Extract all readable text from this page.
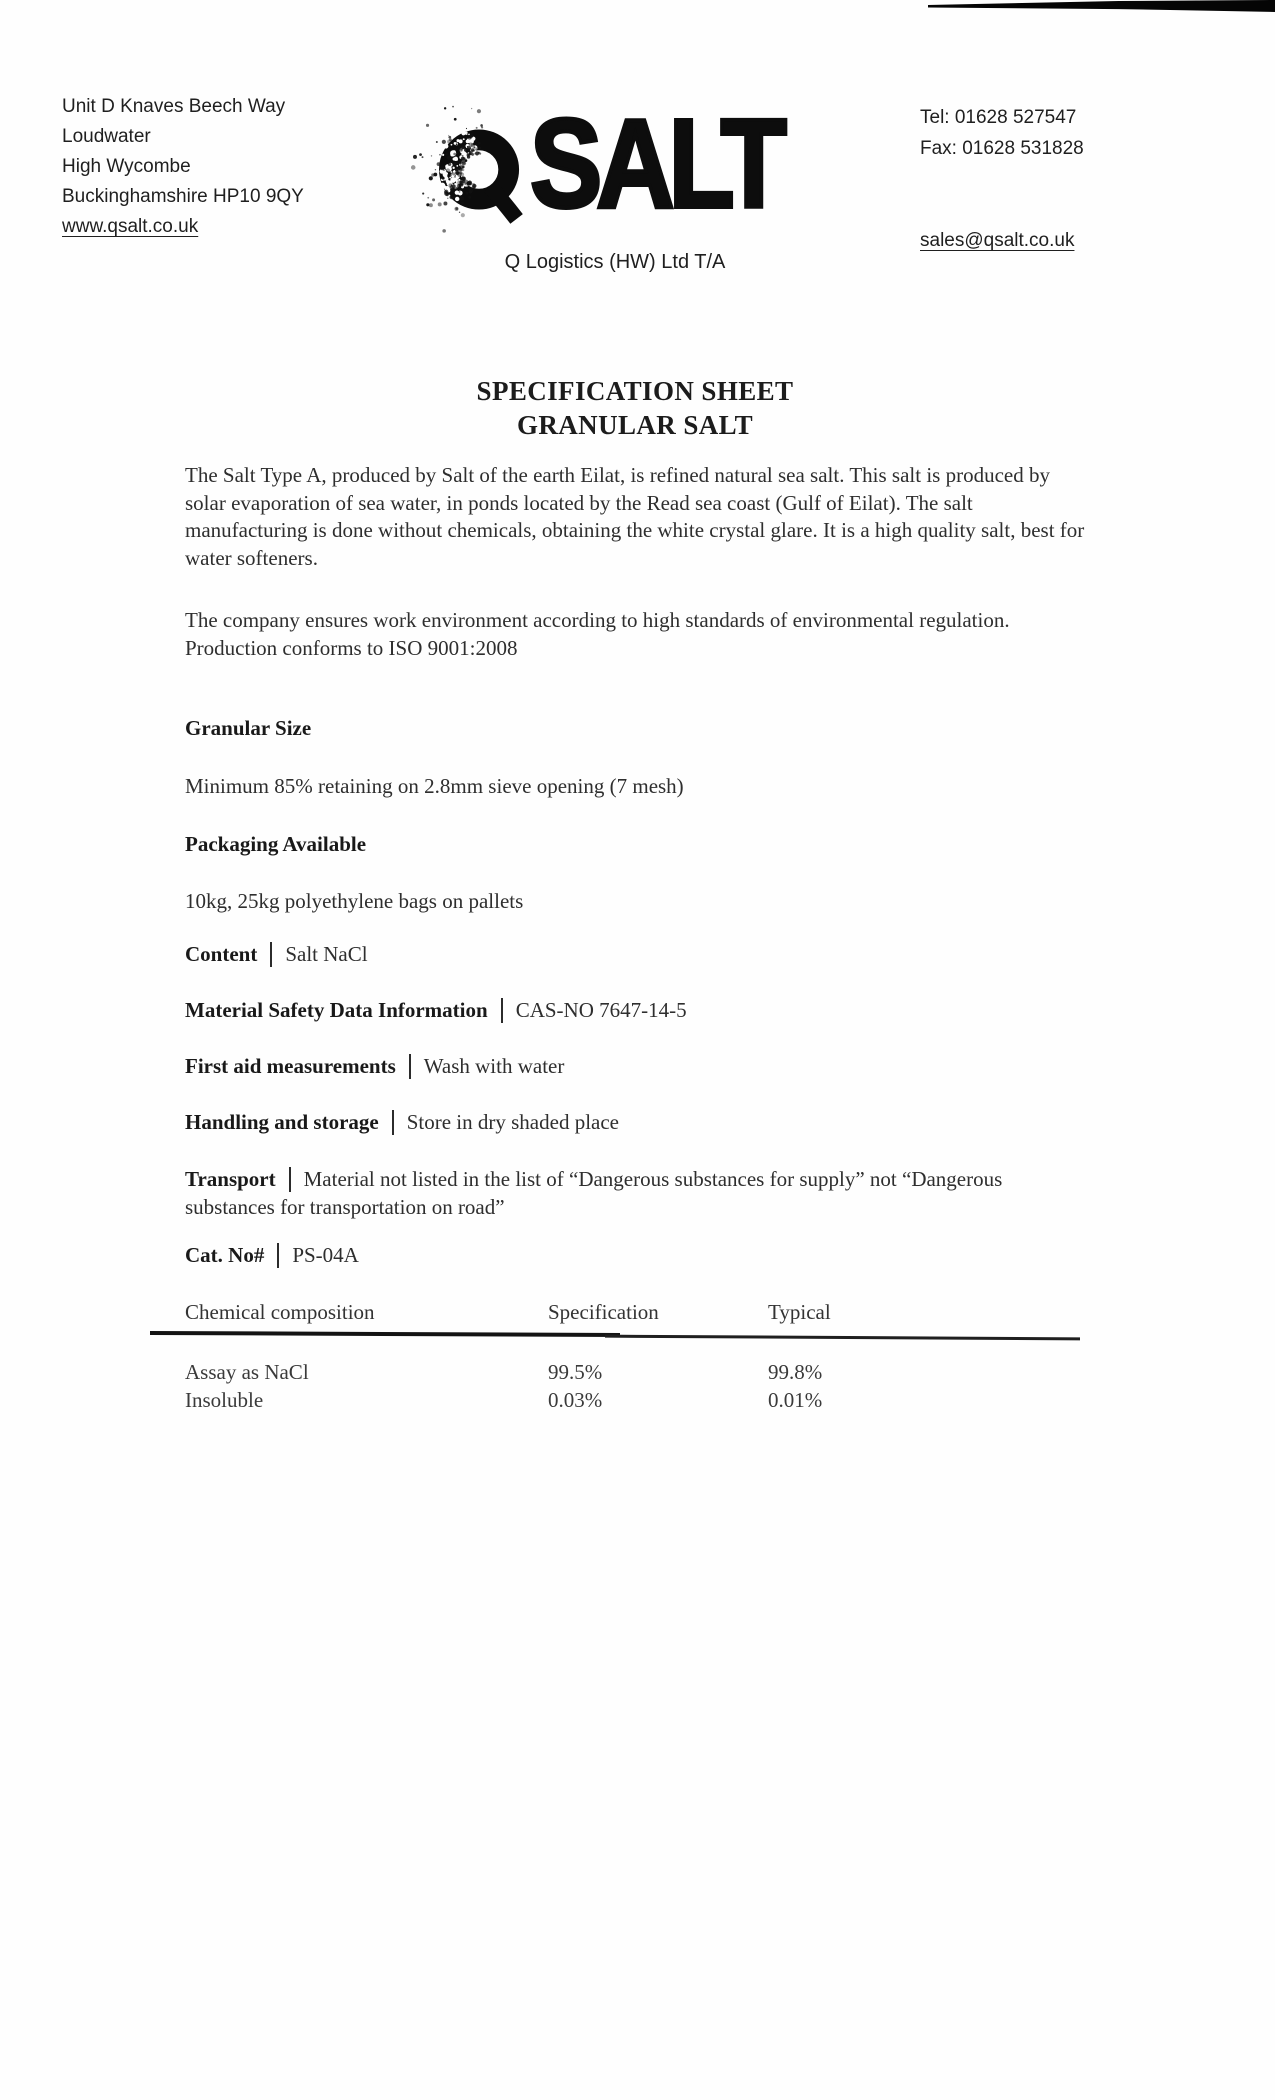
Unit D Knaves Beech Way
Loudwater
High Wycombe
Buckinghamshire HP10 9QY
www.qsalt.co.uk	SALT
Q Logistics (HW) Ltd T/A
Tel: 01628 527547
Fax: 01628 531828
sales@qsalt.co.uk
SPECIFICATION SHEET
GRANULAR SALT
The Salt Type A, produced by Salt of the earth Eilat, is refined natural sea salt. This salt is produced by solar evaporation of sea water, in ponds located by the Read sea coast (Gulf of Eilat). The salt manufacturing is done without chemicals, obtaining the white crystal glare. It is a high quality salt, best for water softeners.
The company ensures work environment according to high standards of environmental regulation.
Production conforms to ISO 9001:2008
Granular Size
Minimum 85% retaining on 2.8mm sieve opening (7 mesh)
Packaging Available
10kg, 25kg polyethylene bags on pallets
Content Salt NaCl
Material Safety Data Information CAS-NO 7647-14-5
First aid measurements Wash with water
Handling and storage Store in dry shaded place
Transport Material not listed in the list of “Dangerous substances for supply” not “Dangerous substances for transportation on road”
Cat. No# PS-04A
Chemical composition	Specification	Typical
Assay as NaCl	99.5%	99.8%
Insoluble	0.03%	0.01%
